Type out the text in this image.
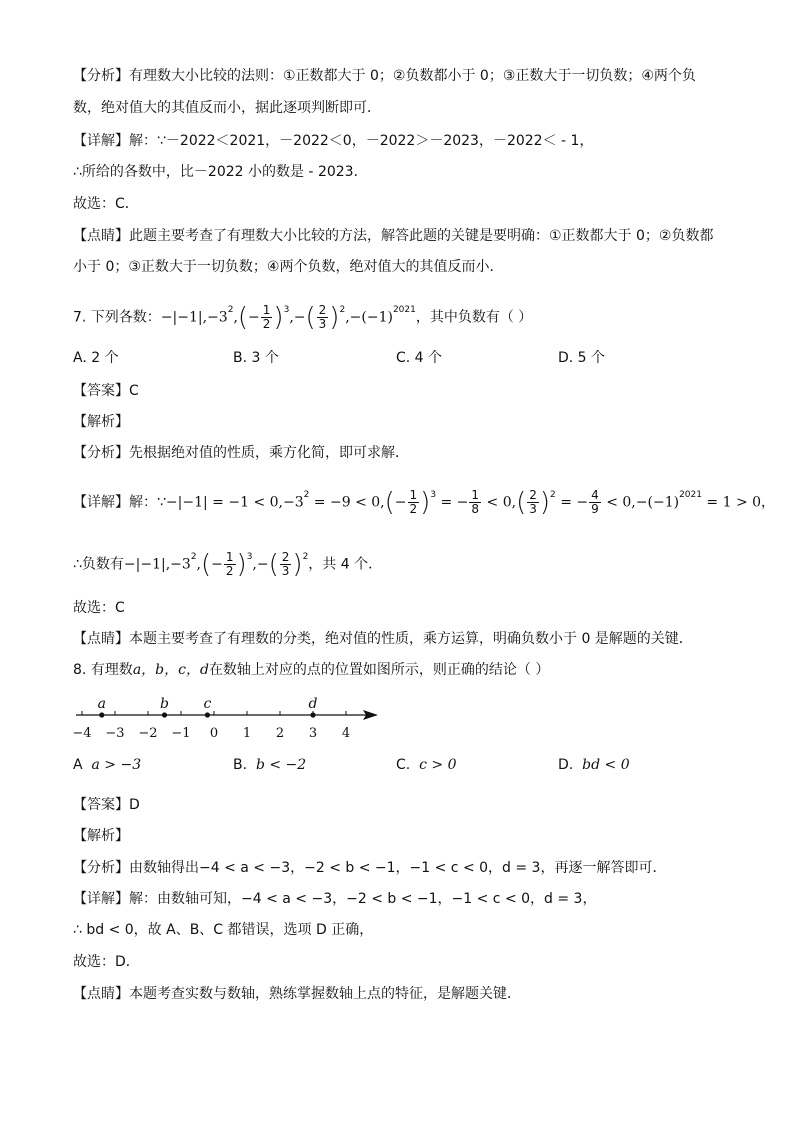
【分析】有理数大小比较的法则：①正数都大于 0；②负数都小于 0；③正数大于一切负数；④两个负
数，绝对值大的其值反而小，据此逐项判断即可．
【详解】解：∵－2022＜2021，－2022＜0，－2022＞－2023，－2022＜ - 1，
∴所给的各数中，比－2022 小的数是 - 2023．
故选：C．
【点睛】此题主要考查了有理数大小比较的方法，解答此题的关键是要明确：①正数都大于 0；②负数都
小于 0；③正数大于一切负数；④两个负数，绝对值大的其值反而小．
7. 下列各数：$-|-1|,-3^2,(- \frac{1}{2} )^3,-( \frac{2}{3} )^2,-(-1)^{2021}$，其中负数有（ ）
A. 2 个	B. 3 个	C. 4 个	D. 5 个
【答案】C
【解析】
【分析】先根据绝对值的性质，乘方化简，即可求解．
【详解】解：∵−|−1| = $-1 < 0,-3^2 = -9 < 0,(- \frac{1}{2} )^3$ = − $\frac{1}{8} < 0,( \frac{2}{3} )^2$ = − $\frac{4}{9} < 0,-(-1)^{2021} = 1 > 0$，
∴负数有$-|-1|,-3^2,(- \frac{1}{2} )^3,-( \frac{2}{3} )^2$，共 4 个．
故选：C
【点睛】本题主要考查了有理数的分类，绝对值的性质，乘方运算，明确负数小于 0 是解题的关键．
8. 有理数a，b，c，d在数轴上对应的点的位置如图所示，则正确的结论（ ）
−4 −3 −2 −1 0 1 2 3 4
a	b c	d
A a > −3	B. b < −2	C. c > 0	D. bd < 0
【答案】D
【解析】
【分析】由数轴得出−4 < a < −3，−2 < b < −1，−1 < c < 0，d = 3，再逐一解答即可．
【详解】解：由数轴可知，−4 < a < −3，−2 < b < −1，−1 < c < 0，d = 3，
∴ bd < 0，故 A、B、C 都错误，选项 D 正确，
故选：D．
【点睛】本题考查实数与数轴，熟练掌握数轴上点的特征，是解题关键．
